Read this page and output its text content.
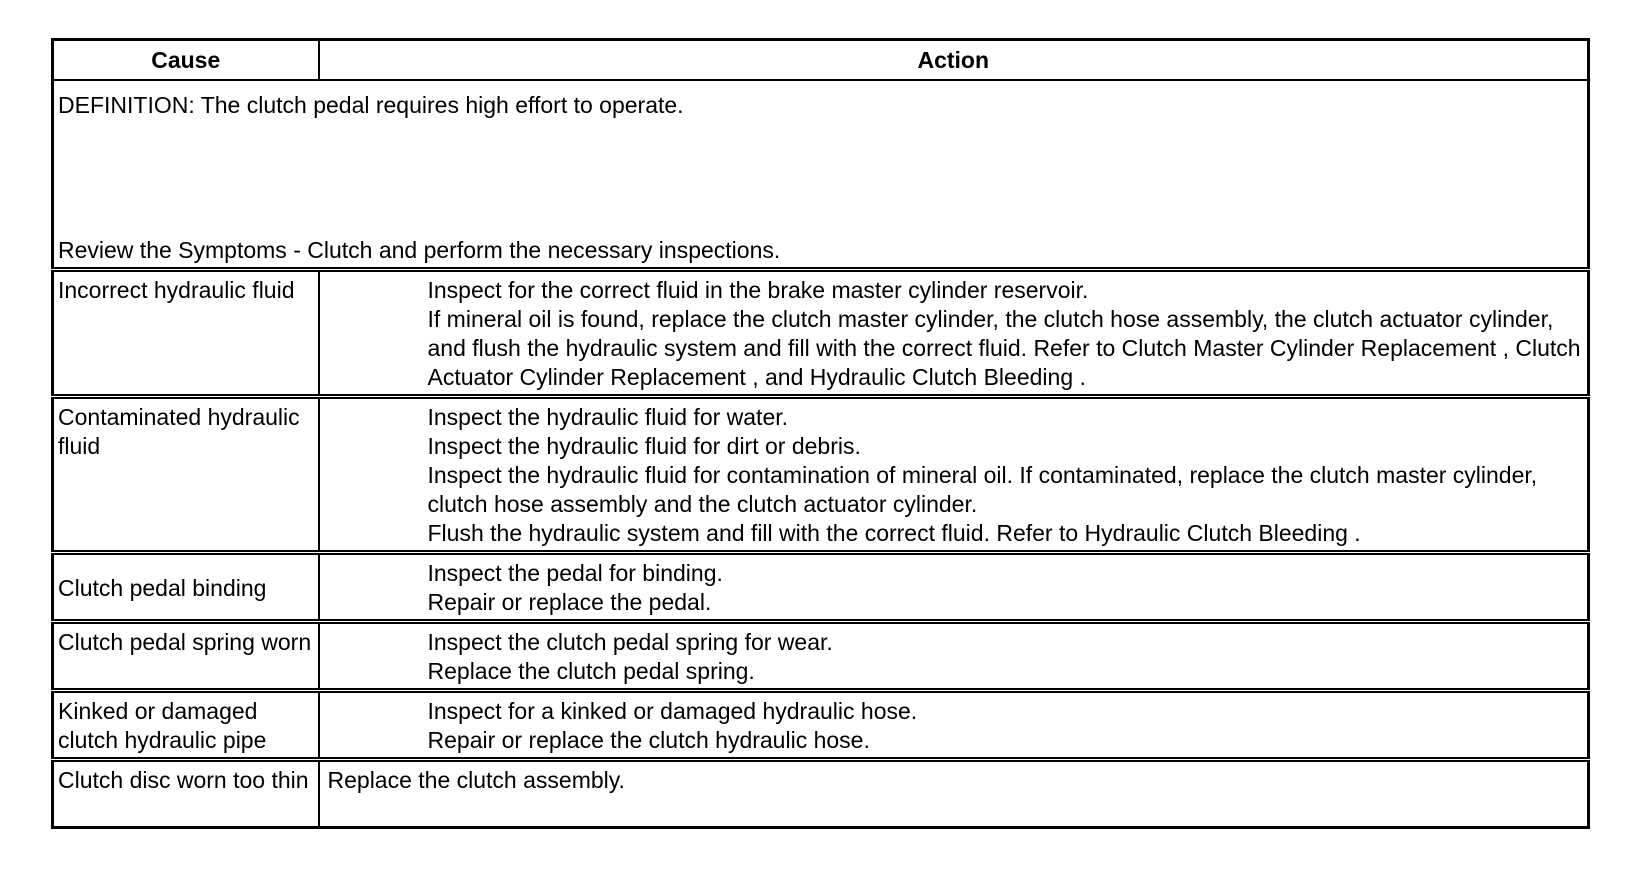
Cause	Action

DEFINITION: The clutch pedal requires high effort to operate.
Review the Symptoms - Clutch and perform the necessary inspections.	

Incorrect hydraulic fluid	Inspect for the correct fluid in the brake master cylinder reservoir.
If mineral oil is found, replace the clutch master cylinder, the clutch hose assembly, the clutch actuator cylinder, and flush the hydraulic system and fill with the correct fluid. Refer to Clutch Master Cylinder Replacement , Clutch Actuator Cylinder Replacement , and Hydraulic Clutch Bleeding .

Contaminated hydraulic fluid	Inspect the hydraulic fluid for water.
Inspect the hydraulic fluid for dirt or debris.
Inspect the hydraulic fluid for contamination of mineral oil. If contaminated, replace the clutch master cylinder, clutch hose assembly and the clutch actuator cylinder.
Flush the hydraulic system and fill with the correct fluid. Refer to Hydraulic Clutch Bleeding .

Clutch pedal binding	Inspect the pedal for binding.
Repair or replace the pedal.

Clutch pedal spring worn	Inspect the clutch pedal spring for wear.
Replace the clutch pedal spring.

Kinked or damaged clutch hydraulic pipe	Inspect for a kinked or damaged hydraulic hose.
Repair or replace the clutch hydraulic hose.

Clutch disc worn too thin	Replace the clutch assembly.
